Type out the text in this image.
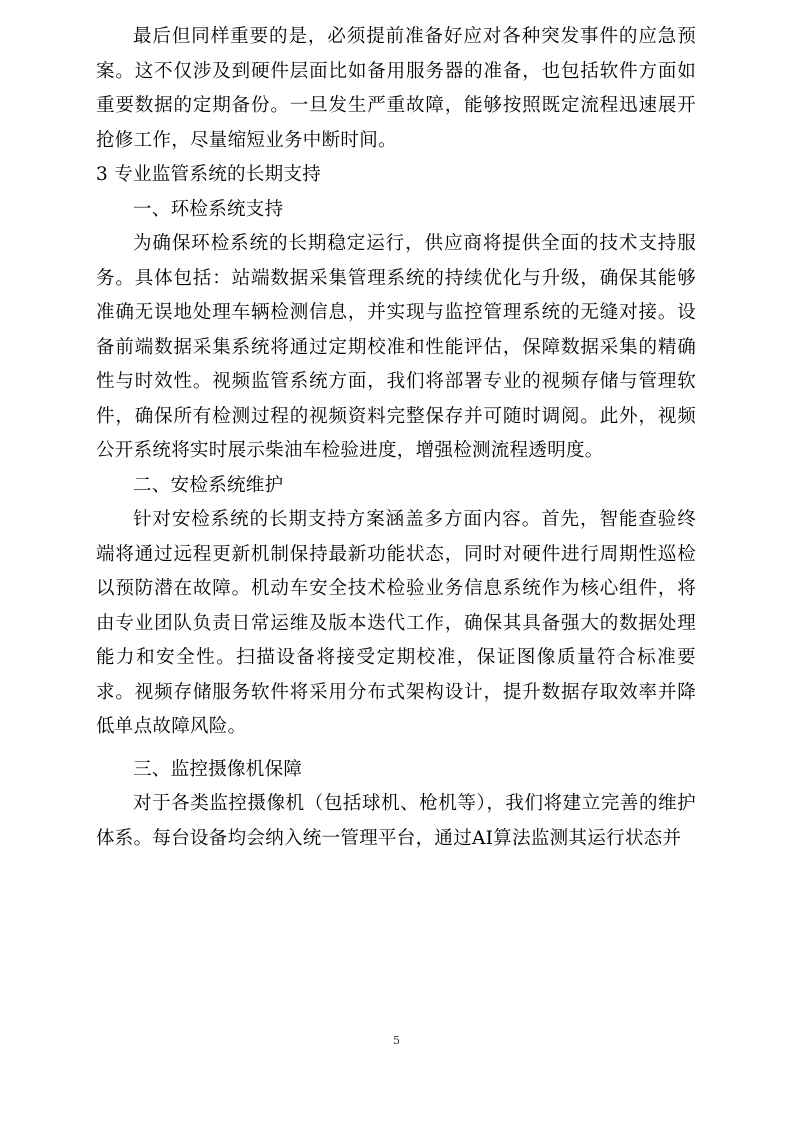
最后但同样重要的是，必须提前准备好应对各种突发事件的应急预案。这不仅涉及到硬件层面比如备用服务器的准备，也包括软件方面如重要数据的定期备份。一旦发生严重故障，能够按照既定流程迅速展开抢修工作，尽量缩短业务中断时间。

3 专业监管系统的长期支持

一、环检系统支持

为确保环检系统的长期稳定运行，供应商将提供全面的技术支持服务。具体包括：站端数据采集管理系统的持续优化与升级，确保其能够准确无误地处理车辆检测信息，并实现与监控管理系统的无缝对接。设备前端数据采集系统将通过定期校准和性能评估，保障数据采集的精确性与时效性。视频监管系统方面，我们将部署专业的视频存储与管理软件，确保所有检测过程的视频资料完整保存并可随时调阅。此外，视频公开系统将实时展示柴油车检验进度，增强检测流程透明度。

二、安检系统维护

针对安检系统的长期支持方案涵盖多方面内容。首先，智能查验终端将通过远程更新机制保持最新功能状态，同时对硬件进行周期性巡检以预防潜在故障。机动车安全技术检验业务信息系统作为核心组件，将由专业团队负责日常运维及版本迭代工作，确保其具备强大的数据处理能力和安全性。扫描设备将接受定期校准，保证图像质量符合标准要求。视频存储服务软件将采用分布式架构设计，提升数据存取效率并降低单点故障风险。

三、监控摄像机保障

对于各类监控摄像机（包括球机、枪机等），我们将建立完善的维护体系。每台设备均会纳入统一管理平台，通过AI算法监测其运行状态并

5
